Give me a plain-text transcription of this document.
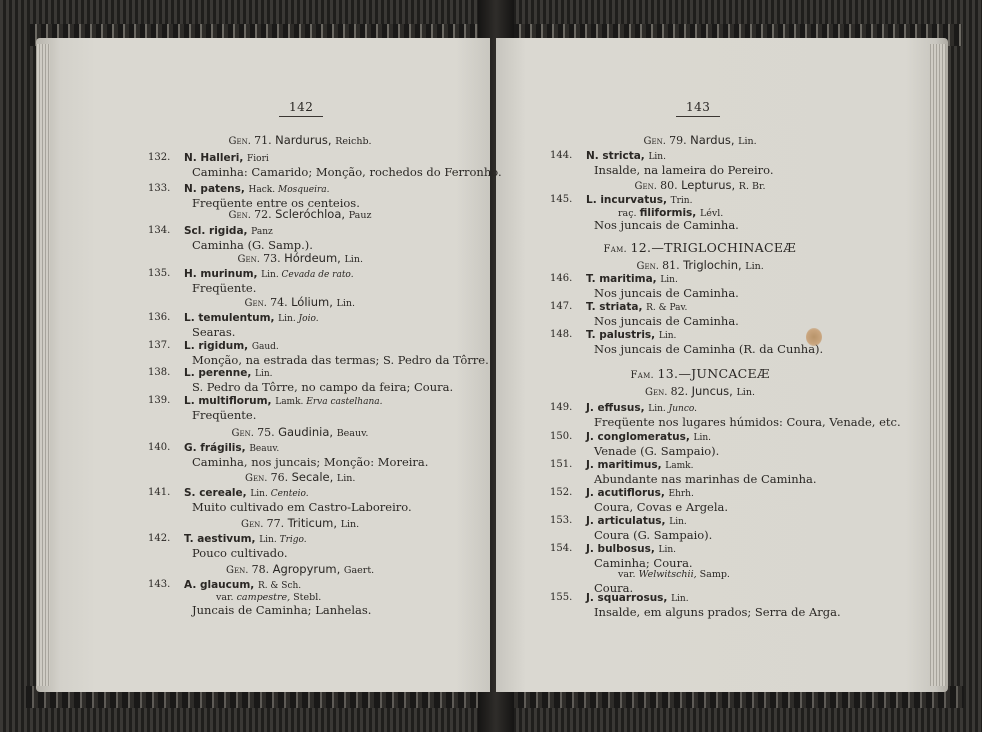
142	143
Gen. 71. Nardurus, Reichb.
132. N. Halleri, Fiori
Caminha: Camarido; Monção, rochedos do Ferronho.
133. N. patens, Hack. Mosqueira.
Freqüente entre os centeios.
Gen. 72. Scleróchloa, Pauz
134. Scl. rigida, Panz
Caminha (G. Samp.).
Gen. 73. Hórdeum, Lin.
135. H. murinum, Lin. Cevada de rato.
Freqüente.
Gen. 74. Lólium, Lin.
136. L. temulentum, Lin. Joio.
Searas.
137. L. rigidum, Gaud.
Monção, na estrada das termas; S. Pedro da Tôrre.
138. L. perenne, Lin.
S. Pedro da Tôrre, no campo da feira; Coura.
139. L. multiflorum, Lamk. Erva castelhana.
Freqüente.
Gen. 75. Gaudinia, Beauv.
140. G. frágilis, Beauv.
Caminha, nos juncais; Monção: Moreira.
Gen. 76. Secale, Lin.
141. S. cereale, Lin. Centeio.
Muito cultivado em Castro-Laboreiro.
Gen. 77. Triticum, Lin.
142. T. aestivum, Lin. Trigo.
Pouco cultivado.
Gen. 78. Agropyrum, Gaert.
143. A. glaucum, R. & Sch.
var. campestre, Stebl.
Juncais de Caminha; Lanhelas.
Gen. 79. Nardus, Lin.
144. N. stricta, Lin.
Insalde, na lameira do Pereiro.
Gen. 80. Lepturus, R. Br.
145. L. incurvatus, Trin.
raç. filiformis, Lévl.
Nos juncais de Caminha.
Fam. 12.—TRIGLOCHINACEÆ
Gen. 81. Triglochin, Lin.
146. T. maritima, Lin.
Nos juncais de Caminha.
147. T. striata, R. & Pav.
Nos juncais de Caminha.
148. T. palustris, Lin.
Nos juncais de Caminha (R. da Cunha).
Fam. 13.—JUNCACEÆ
Gen. 82. Juncus, Lin.
149. J. effusus, Lin. Junco.
Freqüente nos lugares húmidos: Coura, Venade, etc.
150. J. conglomeratus, Lin.
Venade (G. Sampaio).
151. J. maritimus, Lamk.
Abundante nas marinhas de Caminha.
152. J. acutiflorus, Ehrh.
Coura, Covas e Argela.
153. J. articulatus, Lin.
Coura (G. Sampaio).
154. J. bulbosus, Lin.
Caminha; Coura.
var. Welwitschii, Samp.
Coura.
155. J. squarrosus, Lin.
Insalde, em alguns prados; Serra de Arga.
